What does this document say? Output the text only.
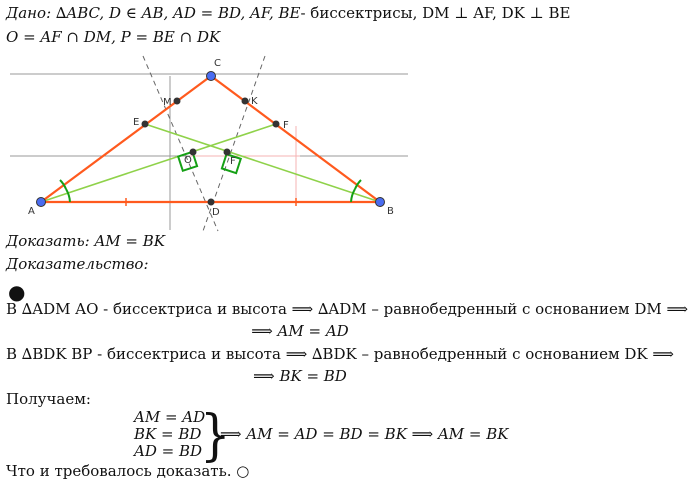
Дано: ∆ABC, D ∈ AB, AD = BD, AF, BE- биссектрисы, DM ⊥ AF, DK ⊥ BE
O = AF ∩ DM, P = BE ∩ DK
C
M	K
E	F
O	F
A	B
D
Доказать: AM = BK
Доказательство:
●
В ∆ADM AO - биссектриса и высота ⟹ ∆ADM – равнобедренный с основанием DM ⟹
⟹ AM = AD
В ∆BDK BP - биссектриса и высота ⟹ ∆BDK – равнобедренный с основанием DK ⟹
⟹ BK = BD
Получаем:
AM = AD
BK = BD
AD = BD
}
⟹ AM = AD = BD = BK ⟹ AM = BK
Что и требовалось доказать. ○
